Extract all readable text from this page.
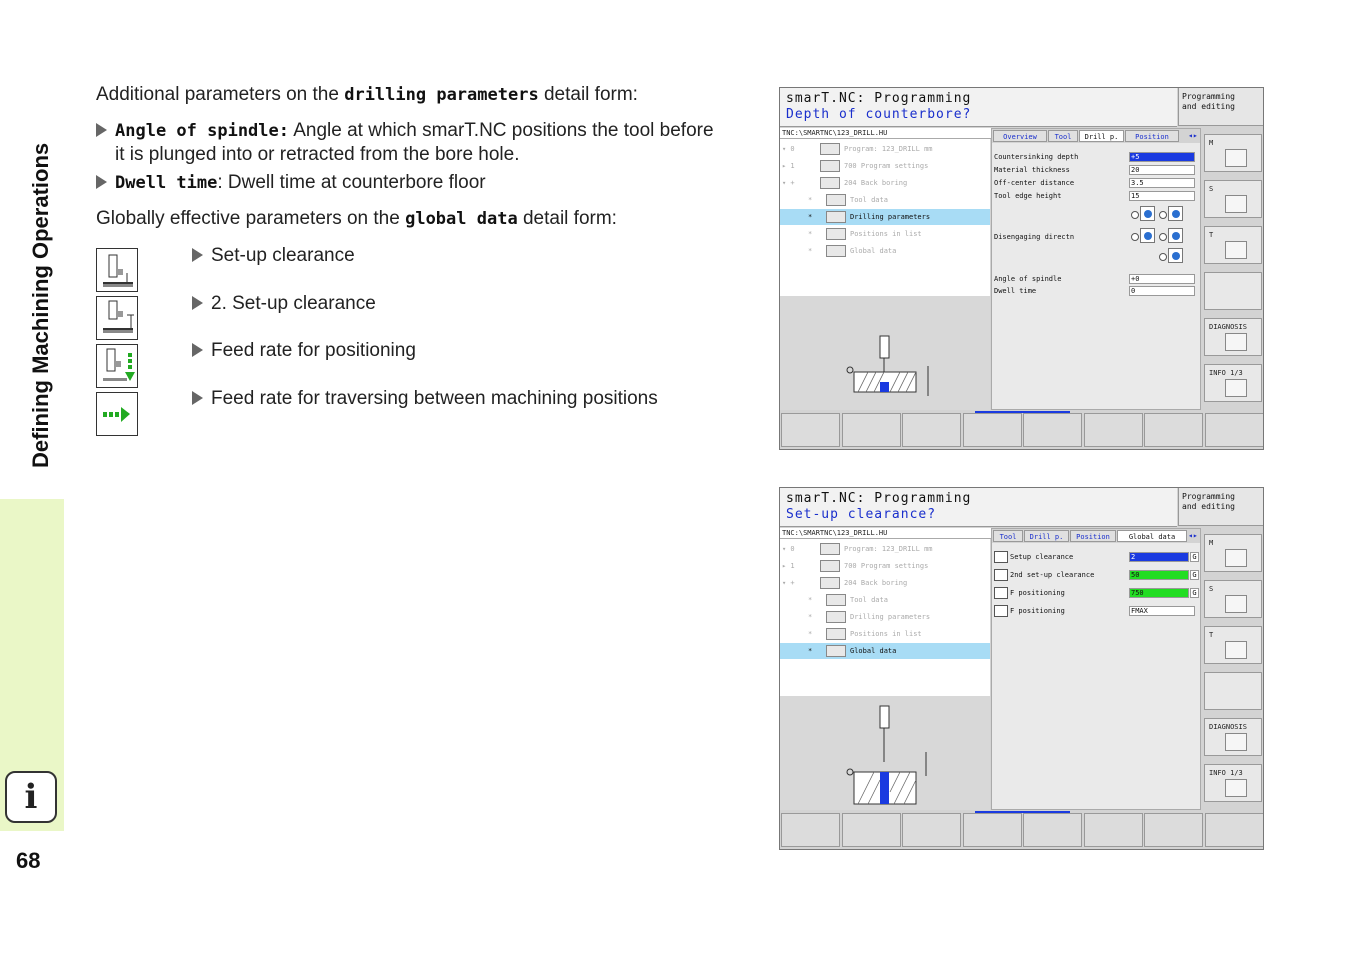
Defining Machining Operations
i
68
Additional parameters on the drilling parameters detail form:
Angle of spindle: Angle at which smarT.NC positions the tool before
it is plunged into or retracted from the bore hole.
Dwell time: Dwell time at counterbore floor
Globally effective parameters on the global data detail form:
Set-up clearance
2. Set-up clearance
Feed rate for positioning
Feed rate for traversing between machining positions
smarT.NC: Programming
Depth of counterbore?
Programming
and editing
TNC:\SMARTNC\123_DRILL.HU
▾ 0	Program: 123_DRILL mm
▸ 1	700 Program settings
▾ +	204 Back boring
*	Tool data
*	Drilling parameters
*	Positions in list
*	Global data
Overview	Tool	Drill p.	Position	◂▸
Countersinking depth	+5
Material thickness	20
Off-center distance	3.5
Tool edge height	15
Disengaging directn
Angle of spindle	+0
Dwell time	0
M
S
T
DIAGNOSIS
INFO 1/3
smarT.NC: Programming
Set-up clearance?
Programming
and editing
TNC:\SMARTNC\123_DRILL.HU
▾ 0	Program: 123_DRILL mm
▸ 1	700 Program settings
▾ +	204 Back boring
*	Tool data
*	Drilling parameters
*	Positions in list
*	Global data
Tool	Drill p.	Position	Global data	◂▸
Setup clearance	2	G
2nd set-up clearance	50	G
F positioning	750	G
F positioning	FMAX
M
S
T
DIAGNOSIS
INFO 1/3
